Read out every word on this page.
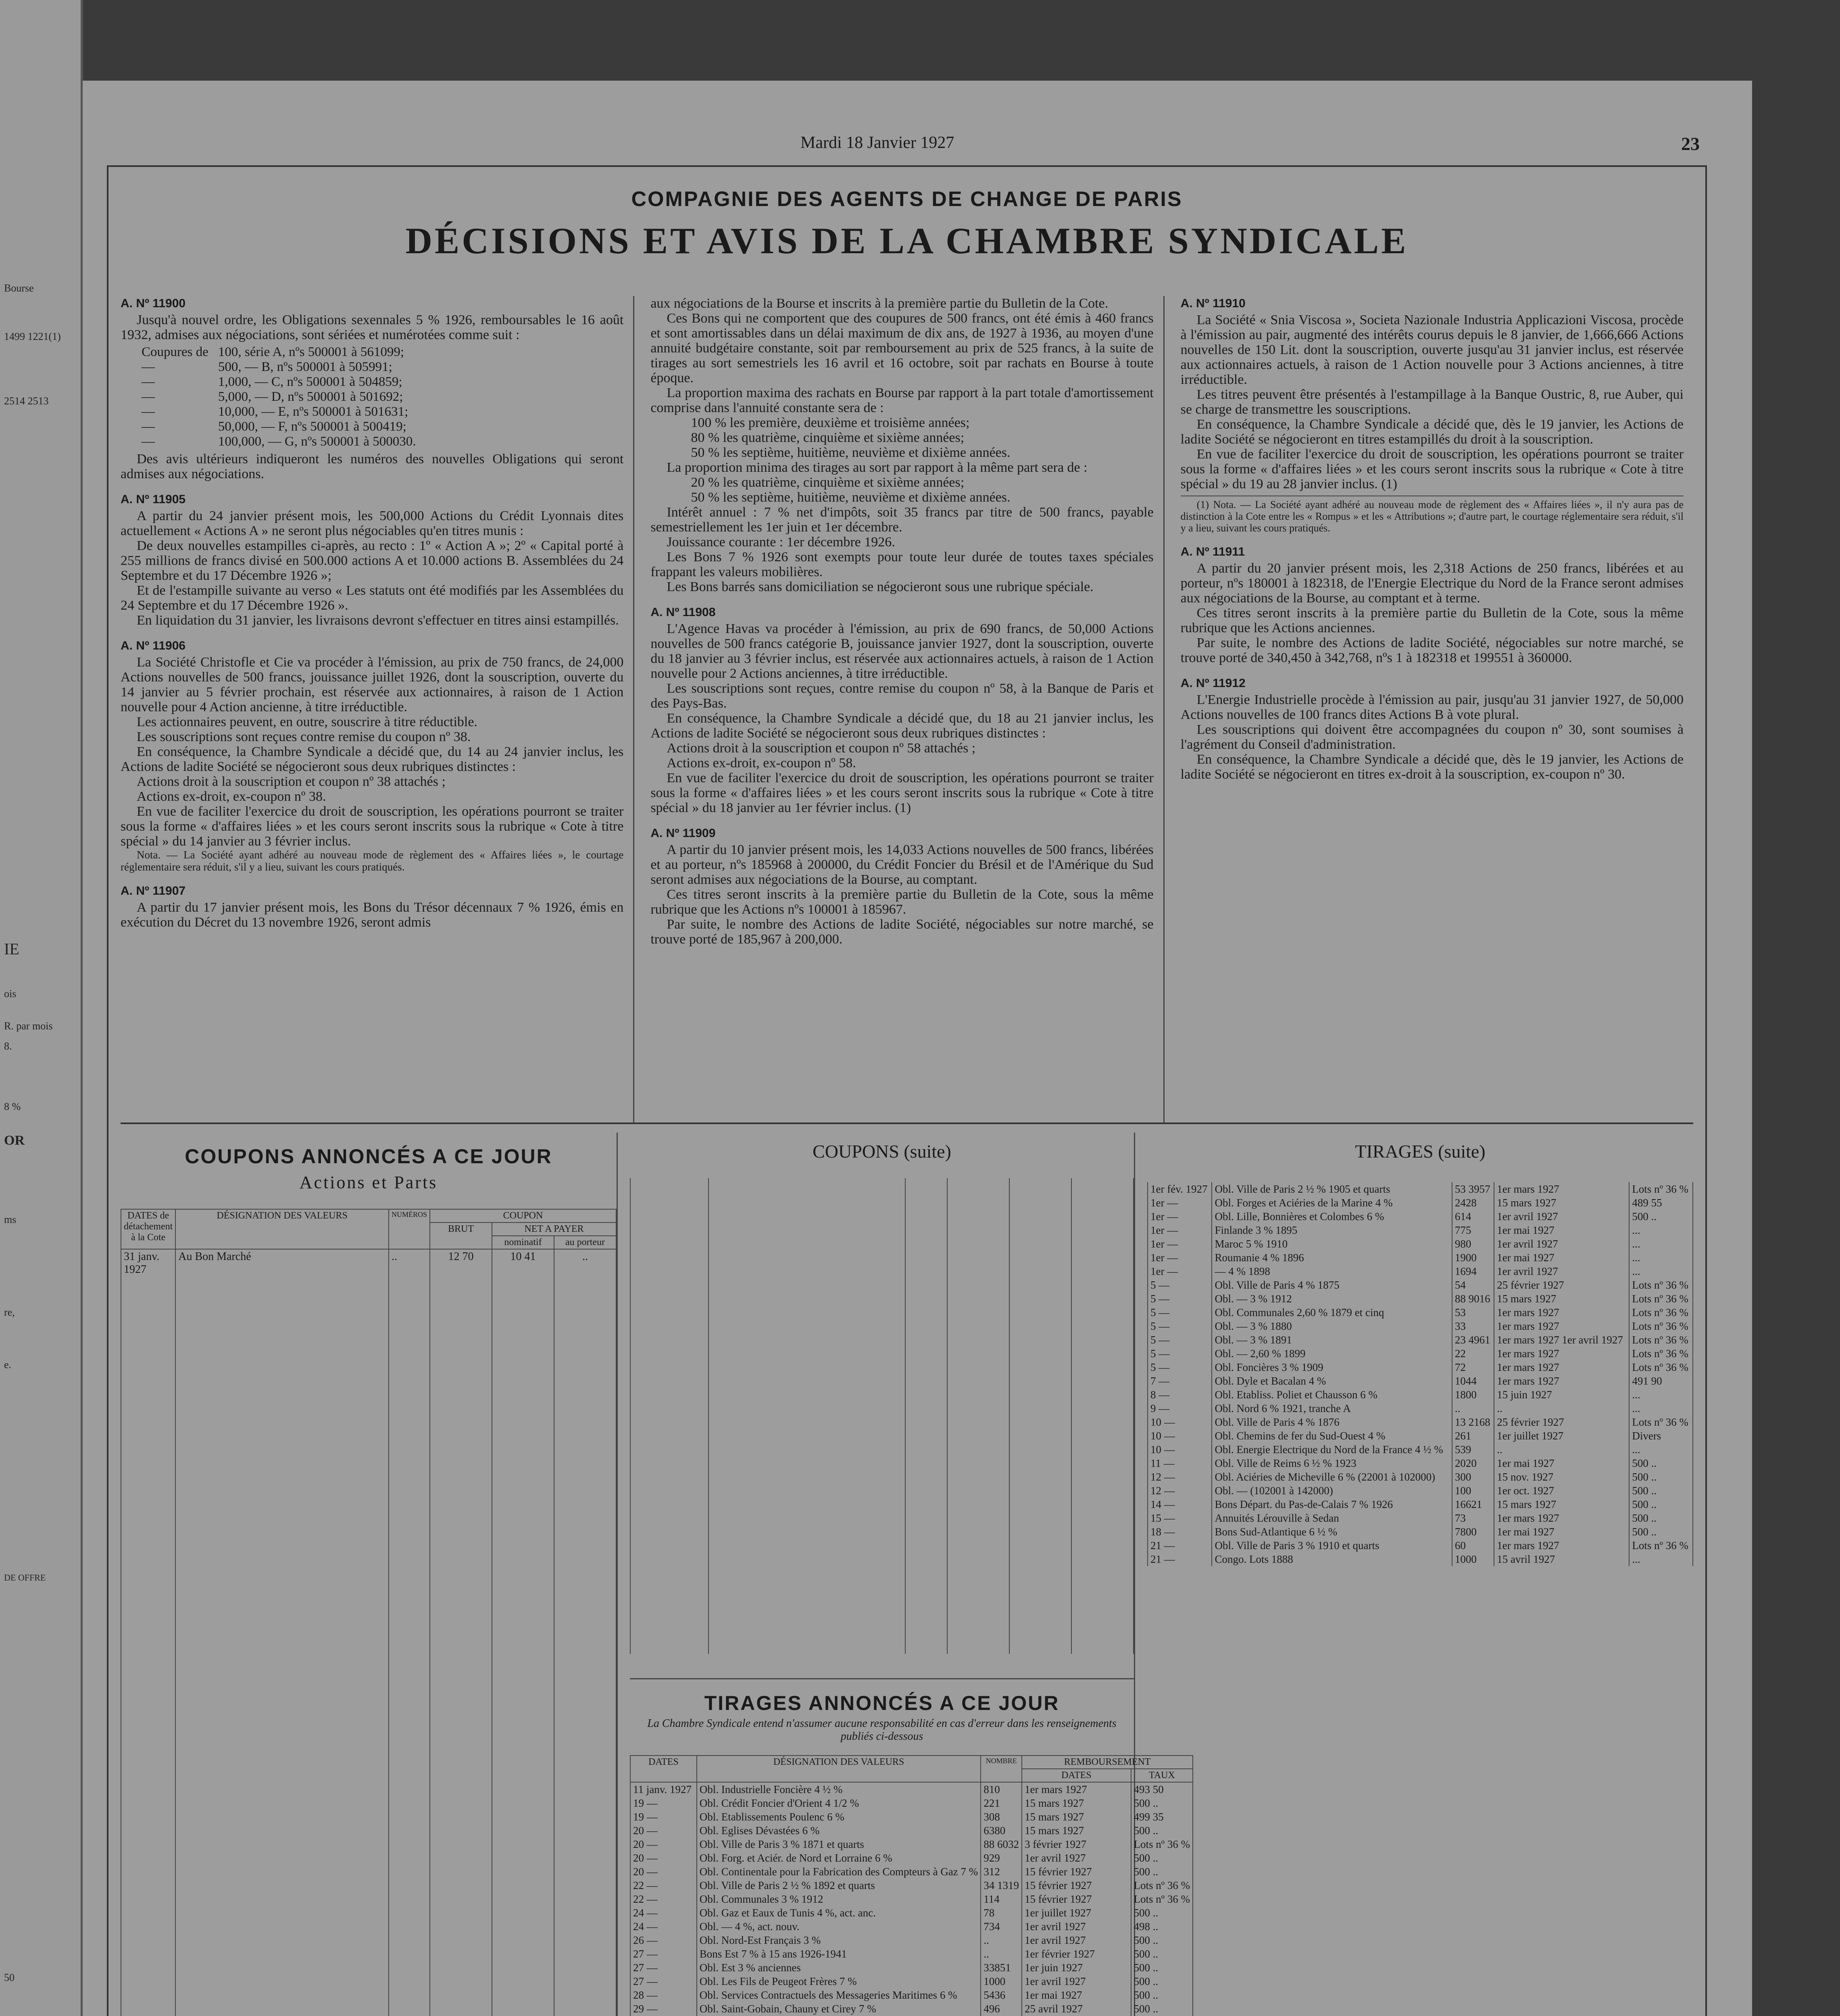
Bourse
1499 1221(1)
2514 2513
IE
ois
R. par mois
8.
8 %
OR
ms
re,
e.
DE OFFRE
50
Mardi 18 Janvier 1927	23
COMPAGNIE DES AGENTS DE CHANGE DE PARIS
DÉCISIONS ET AVIS DE LA CHAMBRE SYNDICALE
A. Nº 11900

Jusqu'à nouvel ordre, les Obligations sexennales 5 % 1926, remboursables le 16 août 1932, admises aux négociations, sont sériées et numérotées comme suit :

Coupures de	100, série A, nºs 500001 à 561099;
—	500, — B, nºs 500001 à 505991;
—	1,000, — C, nºs 500001 à 504859;
—	5,000, — D, nºs 500001 à 501692;
—	10,000, — E, nºs 500001 à 501631;
—	50,000, — F, nºs 500001 à 500419;
—	100,000, — G, nºs 500001 à 500030.

Des avis ultérieurs indiqueront les numéros des nouvelles Obligations qui seront admises aux négociations.

A. Nº 11905

A partir du 24 janvier présent mois, les 500,000 Actions du Crédit Lyonnais dites actuellement « Actions A » ne seront plus négociables qu'en titres munis :

De deux nouvelles estampilles ci-après, au recto : 1º « Action A »; 2º « Capital porté à 255 millions de francs divisé en 500.000 actions A et 10.000 actions B. Assemblées du 24 Septembre et du 17 Décembre 1926 »;

Et de l'estampille suivante au verso « Les statuts ont été modifiés par les Assemblées du 24 Septembre et du 17 Décembre 1926 ».

En liquidation du 31 janvier, les livraisons devront s'effectuer en titres ainsi estampillés.

A. Nº 11906

La Société Christofle et Cie va procéder à l'émission, au prix de 750 francs, de 24,000 Actions nouvelles de 500 francs, jouissance juillet 1926, dont la souscription, ouverte du 14 janvier au 5 février prochain, est réservée aux actionnaires, à raison de 1 Action nouvelle pour 4 Action ancienne, à titre irréductible.

Les actionnaires peuvent, en outre, souscrire à titre réductible.

Les souscriptions sont reçues contre remise du coupon nº 38.

En conséquence, la Chambre Syndicale a décidé que, du 14 au 24 janvier inclus, les Actions de ladite Société se négocieront sous deux rubriques distinctes :

Actions droit à la souscription et coupon nº 38 attachés ;

Actions ex-droit, ex-coupon nº 38.

En vue de faciliter l'exercice du droit de souscription, les opérations pourront se traiter sous la forme « d'affaires liées » et les cours seront inscrits sous la rubrique « Cote à titre spécial » du 14 janvier au 3 février inclus.

Nota. — La Société ayant adhéré au nouveau mode de règlement des « Affaires liées », le courtage réglementaire sera réduit, s'il y a lieu, suivant les cours pratiqués.

A. Nº 11907

A partir du 17 janvier présent mois, les Bons du Trésor décennaux 7 % 1926, émis en exécution du Décret du 13 novembre 1926, seront admis

aux négociations de la Bourse et inscrits à la première partie du Bulletin de la Cote.

Ces Bons qui ne comportent que des coupures de 500 francs, ont été émis à 460 francs et sont amortissables dans un délai maximum de dix ans, de 1927 à 1936, au moyen d'une annuité budgétaire constante, soit par remboursement au prix de 525 francs, à la suite de tirages au sort semestriels les 16 avril et 16 octobre, soit par rachats en Bourse à toute époque.

La proportion maxima des rachats en Bourse par rapport à la part totale d'amortissement comprise dans l'annuité constante sera de :

100 % les première, deuxième et troisième années;

80 % les quatrième, cinquième et sixième années;

50 % les septième, huitième, neuvième et dixième années.

La proportion minima des tirages au sort par rapport à la même part sera de :

20 % les quatrième, cinquième et sixième années;

50 % les septième, huitième, neuvième et dixième années.

Intérêt annuel : 7 % net d'impôts, soit 35 francs par titre de 500 francs, payable semestriellement les 1er juin et 1er décembre.

Jouissance courante : 1er décembre 1926.

Les Bons 7 % 1926 sont exempts pour toute leur durée de toutes taxes spéciales frappant les valeurs mobilières.

Les Bons barrés sans domiciliation se négocieront sous une rubrique spéciale.

A. Nº 11908

L'Agence Havas va procéder à l'émission, au prix de 690 francs, de 50,000 Actions nouvelles de 500 francs catégorie B, jouissance janvier 1927, dont la souscription, ouverte du 18 janvier au 3 février inclus, est réservée aux actionnaires actuels, à raison de 1 Action nouvelle pour 2 Actions anciennes, à titre irréductible.

Les souscriptions sont reçues, contre remise du coupon nº 58, à la Banque de Paris et des Pays-Bas.

En conséquence, la Chambre Syndicale a décidé que, du 18 au 21 janvier inclus, les Actions de ladite Société se négocieront sous deux rubriques distinctes :

Actions droit à la souscription et coupon nº 58 attachés ;

Actions ex-droit, ex-coupon nº 58.

En vue de faciliter l'exercice du droit de souscription, les opérations pourront se traiter sous la forme « d'affaires liées » et les cours seront inscrits sous la rubrique « Cote à titre spécial » du 18 janvier au 1er février inclus. (1)

A. Nº 11909

A partir du 10 janvier présent mois, les 14,033 Actions nouvelles de 500 francs, libérées et au porteur, nºs 185968 à 200000, du Crédit Foncier du Brésil et de l'Amérique du Sud seront admises aux négociations de la Bourse, au comptant.

Ces titres seront inscrits à la première partie du Bulletin de la Cote, sous la même rubrique que les Actions nºs 100001 à 185967.

Par suite, le nombre des Actions de ladite Société, négociables sur notre marché, se trouve porté de 185,967 à 200,000.

A. Nº 11910

La Société « Snia Viscosa », Societa Nazionale Industria Applicazioni Viscosa, procède à l'émission au pair, augmenté des intérêts courus depuis le 8 janvier, de 1,666,666 Actions nouvelles de 150 Lit. dont la souscription, ouverte jusqu'au 31 janvier inclus, est réservée aux actionnaires actuels, à raison de 1 Action nouvelle pour 3 Actions anciennes, à titre irréductible.

Les titres peuvent être présentés à l'estampillage à la Banque Oustric, 8, rue Auber, qui se charge de transmettre les souscriptions.

En conséquence, la Chambre Syndicale a décidé que, dès le 19 janvier, les Actions de ladite Société se négocieront en titres estampillés du droit à la souscription.

En vue de faciliter l'exercice du droit de souscription, les opérations pourront se traiter sous la forme « d'affaires liées » et les cours seront inscrits sous la rubrique « Cote à titre spécial » du 19 au 28 janvier inclus. (1)

(1) Nota. — La Société ayant adhéré au nouveau mode de règlement des « Affaires liées », il n'y aura pas de distinction à la Cote entre les « Rompus » et les « Attributions »; d'autre part, le courtage réglementaire sera réduit, s'il y a lieu, suivant les cours pratiqués.

A. Nº 11911

A partir du 20 janvier présent mois, les 2,318 Actions de 250 francs, libérées et au porteur, nºs 180001 à 182318, de l'Energie Electrique du Nord de la France seront admises aux négociations de la Bourse, au comptant et à terme.

Ces titres seront inscrits à la première partie du Bulletin de la Cote, sous la même rubrique que les Actions anciennes.

Par suite, le nombre des Actions de ladite Société, négociables sur notre marché, se trouve porté de 340,450 à 342,768, nºs 1 à 182318 et 199551 à 360000.

A. Nº 11912

L'Energie Industrielle procède à l'émission au pair, jusqu'au 31 janvier 1927, de 50,000 Actions nouvelles de 100 francs dites Actions B à vote plural.

Les souscriptions qui doivent être accompagnées du coupon nº 30, sont soumises à l'agrément du Conseil d'administration.

En conséquence, la Chambre Syndicale a décidé que, dès le 19 janvier, les Actions de ladite Société se négocieront en titres ex-droit à la souscription, ex-coupon nº 30.

COUPONS ANNONCÉS A CE JOUR
Actions et Parts
DATES de détachement à la Cote	DÉSIGNATION DES VALEURS	NUMÉROS	COUPON		
			BRUT	NET A PAYER	
				nominatif	au porteur
31 janv. 1927	Au Bon Marché	..	12 70	10 41	..

COUPONS (suite)

TIRAGES ANNONCÉS A CE JOUR
La Chambre Syndicale entend n'assumer aucune responsabilité en cas d'erreur dans les renseignements publiés ci-dessous
DATES	DÉSIGNATION DES VALEURS	NOMBRE	REMBOURSEMENT	
			DATES	TAUX
11 janv. 1927	Obl. Industrielle Foncière 4 ½ %	810	1er mars 1927	493 50
19 —	Obl. Crédit Foncier d'Orient 4 1/2 %	221	15 mars 1927	500 ..
19 —	Obl. Etablissements Poulenc 6 %	308	15 mars 1927	499 35
20 —	Obl. Eglises Dévastées 6 %	6380	15 mars 1927	500 ..
20 —	Obl. Ville de Paris 3 % 1871 et quarts	88 6032	3 février 1927	Lots nº 36 %
20 —	Obl. Forg. et Aciér. de Nord et Lorraine 6 %	929	1er avril 1927	500 ..
20 —	Obl. Continentale pour la Fabrication des Compteurs à Gaz 7 %	312	15 février 1927	500 ..
22 —	Obl. Ville de Paris 2 ½ % 1892 et quarts	34 1319	15 février 1927	Lots nº 36 %
22 —	Obl. Communales 3 % 1912	114	15 février 1927	Lots nº 36 %
24 —	Obl. Gaz et Eaux de Tunis 4 %, act. anc.	78	1er juillet 1927	500 ..
24 —	Obl. — 4 %, act. nouv.	734	1er avril 1927	498 ..
26 —	Obl. Nord-Est Français 3 %	..	1er avril 1927	500 ..
27 —	Bons Est 7 % à 15 ans 1926-1941	..	1er février 1927	500 ..
27 —	Obl. Est 3 % anciennes	33851	1er juin 1927	500 ..
27 —	Obl. Les Fils de Peugeot Frères 7 %	1000	1er avril 1927	500 ..
28 —	Obl. Services Contractuels des Messageries Maritimes 6 %	5436	1er mai 1927	500 ..
29 —	Obl. Saint-Gobain, Chauny et Cirey 7 %	496	25 avril 1927	500 ..

TIRAGES (suite)
1er fév. 1927	Obl. Ville de Paris 2 ½ % 1905 et quarts	53 3957	1er mars 1927	Lots nº 36 %
1er —	Obl. Forges et Aciéries de la Marine 4 %	2428	15 mars 1927	489 55
1er —	Obl. Lille, Bonnières et Colombes 6 %	614	1er avril 1927	500 ..
1er —	Finlande 3 % 1895	775	1er mai 1927	...
1er —	Maroc 5 % 1910	980	1er avril 1927	...
1er —	Roumanie 4 % 1896	1900	1er mai 1927	...
1er —	— 4 % 1898	1694	1er avril 1927	...
5 —	Obl. Ville de Paris 4 % 1875	54	25 février 1927	Lots nº 36 %
5 —	Obl. — 3 % 1912	88 9016	15 mars 1927	Lots nº 36 %
5 —	Obl. Communales 2,60 % 1879 et cinq	53	1er mars 1927	Lots nº 36 %
5 —	Obl. — 3 % 1880	33	1er mars 1927	Lots nº 36 %
5 —	Obl. — 3 % 1891	23 4961	1er mars 1927 1er avril 1927	Lots nº 36 %
5 —	Obl. — 2,60 % 1899	22	1er mars 1927	Lots nº 36 %
5 —	Obl. Foncières 3 % 1909	72	1er mars 1927	Lots nº 36 %
7 —	Obl. Dyle et Bacalan 4 %	1044	1er mars 1927	491 90
8 —	Obl. Etabliss. Poliet et Chausson 6 %	1800	15 juin 1927	...
9 —	Obl. Nord 6 % 1921, tranche A	..	..	...
10 —	Obl. Ville de Paris 4 % 1876	13 2168	25 février 1927	Lots nº 36 %
10 —	Obl. Chemins de fer du Sud-Ouest 4 %	261	1er juillet 1927	Divers
10 —	Obl. Energie Electrique du Nord de la France 4 ½ %	539	..	...
11 —	Obl. Ville de Reims 6 ½ % 1923	2020	1er mai 1927	500 ..
12 —	Obl. Aciéries de Micheville 6 % (22001 à 102000)	300	15 nov. 1927	500 ..
12 —	Obl. — (102001 à 142000)	100	1er oct. 1927	500 ..
14 —	Bons Départ. du Pas-de-Calais 7 % 1926	16621	15 mars 1927	500 ..
15 —	Annuités Lérouville à Sedan	73	1er mars 1927	500 ..
18 —	Bons Sud-Atlantique 6 ½ %	7800	1er mai 1927	500 ..
21 —	Obl. Ville de Paris 3 % 1910 et quarts	60	1er mars 1927	Lots nº 36 %
21 —	Congo. Lots 1888	1000	15 avril 1927	...
